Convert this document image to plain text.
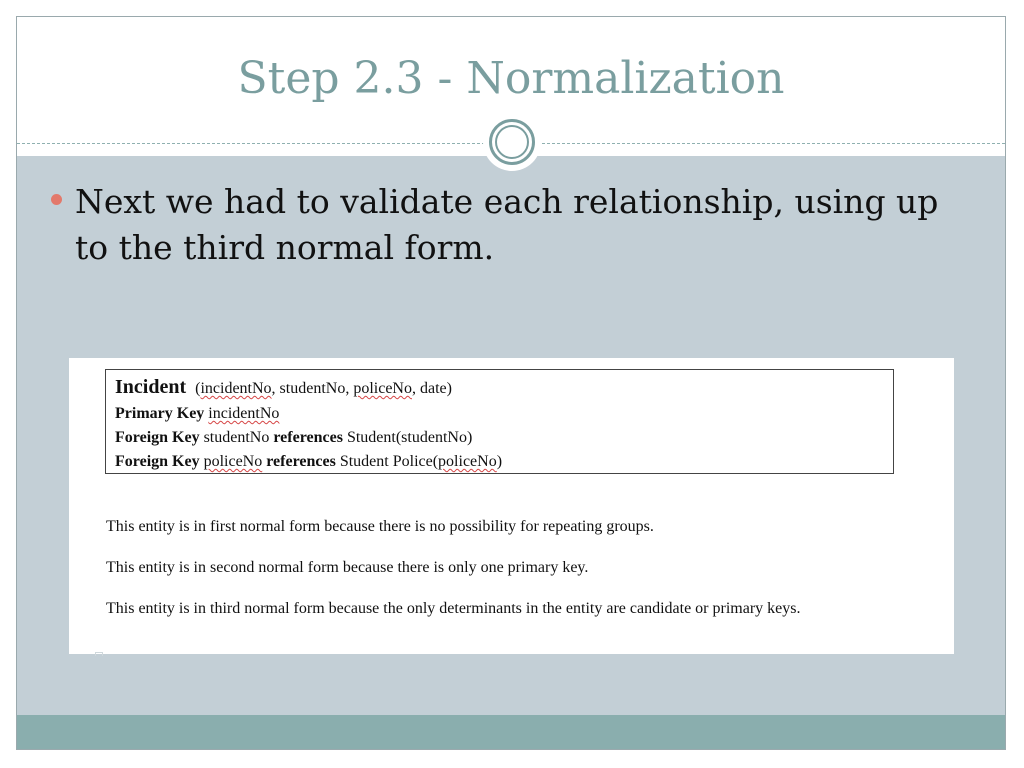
Step 2.3 - Normalization
Next we had to validate each relationship, using up to the third normal form.
Incident (incidentNo, studentNo, policeNo, date)
Primary Key incidentNo
Foreign Key studentNo references Student(studentNo)
Foreign Key policeNo references Student Police(policeNo)
This entity is in first normal form because there is no possibility for repeating groups.
This entity is in second normal form because there is only one primary key.
This entity is in third normal form because the only determinants in the entity are candidate or primary keys.
